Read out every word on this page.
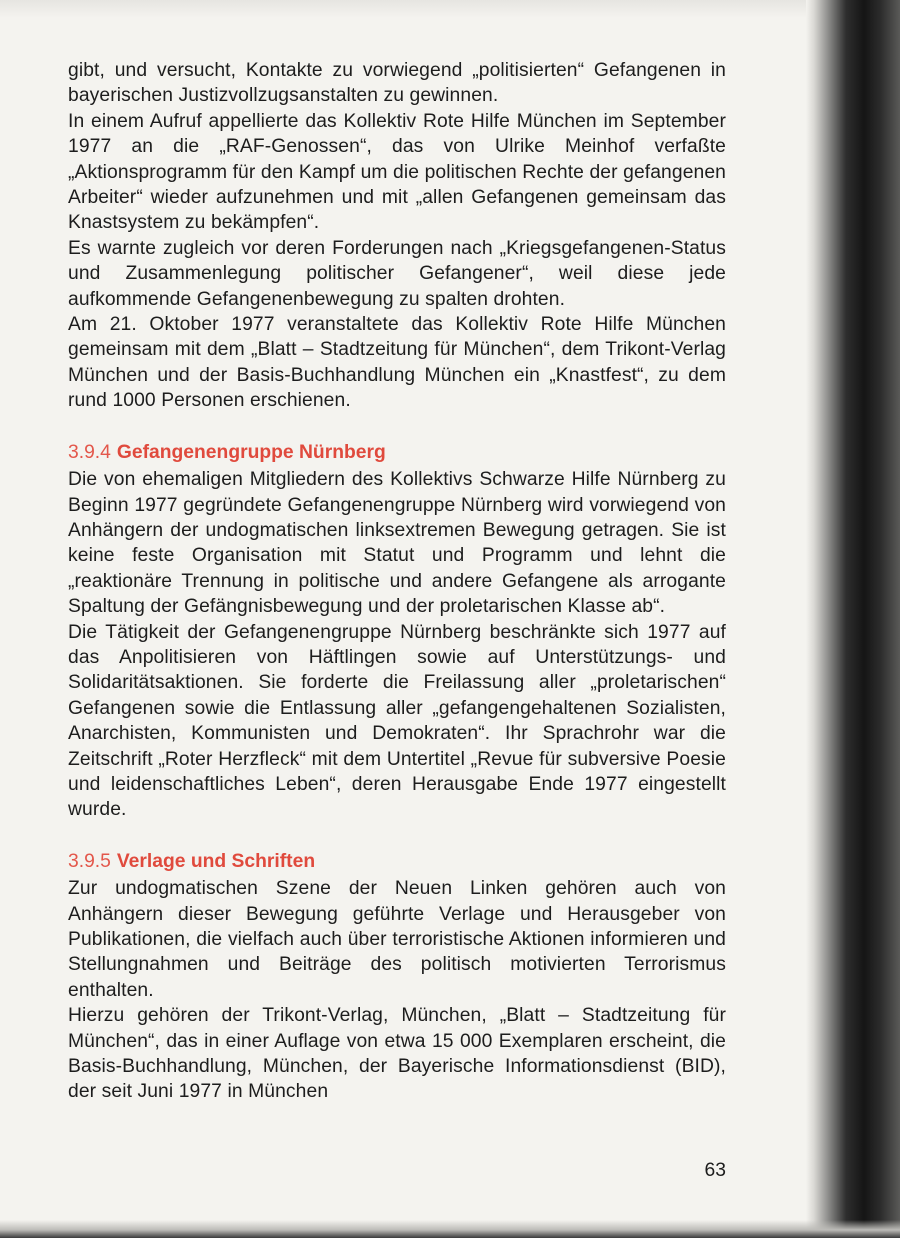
gibt, und versucht, Kontakte zu vorwiegend „politisierten“ Gefangenen in bayerischen Justizvollzugsanstalten zu gewinnen.

In einem Aufruf appellierte das Kollektiv Rote Hilfe München im September 1977 an die „RAF-Genossen“, das von Ulrike Meinhof verfaßte „Aktionsprogramm für den Kampf um die politischen Rechte der gefangenen Arbeiter“ wieder aufzunehmen und mit „allen Gefangenen gemeinsam das Knastsystem zu bekämpfen“.

Es warnte zugleich vor deren Forderungen nach „Kriegsgefangenen-Status und Zusammenlegung politischer Gefangener“, weil diese jede aufkommende Gefangenenbewegung zu spalten drohten.

Am 21. Oktober 1977 veranstaltete das Kollektiv Rote Hilfe München gemeinsam mit dem „Blatt – Stadtzeitung für München“, dem Trikont-Verlag München und der Basis-Buchhandlung München ein „Knastfest“, zu dem rund 1000 Personen erschienen.

3.9.4 Gefangenengruppe Nürnberg

Die von ehemaligen Mitgliedern des Kollektivs Schwarze Hilfe Nürnberg zu Beginn 1977 gegründete Gefangenengruppe Nürnberg wird vorwiegend von Anhängern der undogmatischen linksextremen Bewegung getragen. Sie ist keine feste Organisation mit Statut und Programm und lehnt die „reaktionäre Trennung in politische und andere Gefangene als arrogante Spaltung der Gefängnisbewegung und der proletarischen Klasse ab“.

Die Tätigkeit der Gefangenengruppe Nürnberg beschränkte sich 1977 auf das Anpolitisieren von Häftlingen sowie auf Unterstützungs- und Solidaritätsaktionen. Sie forderte die Freilassung aller „proletarischen“ Gefangenen sowie die Entlassung aller „gefangengehaltenen Sozialisten, Anarchisten, Kommunisten und Demokraten“. Ihr Sprachrohr war die Zeitschrift „Roter Herzfleck“ mit dem Untertitel „Revue für subversive Poesie und leidenschaftliches Leben“, deren Herausgabe Ende 1977 eingestellt wurde.

3.9.5 Verlage und Schriften

Zur undogmatischen Szene der Neuen Linken gehören auch von Anhängern dieser Bewegung geführte Verlage und Herausgeber von Publikationen, die vielfach auch über terroristische Aktionen informieren und Stellungnahmen und Beiträge des politisch motivierten Terrorismus enthalten.

Hierzu gehören der Trikont-Verlag, München, „Blatt – Stadtzeitung für München“, das in einer Auflage von etwa 15 000 Exemplaren erscheint, die Basis-Buchhandlung, München, der Bayerische Informationsdienst (BID), der seit Juni 1977 in München

63
